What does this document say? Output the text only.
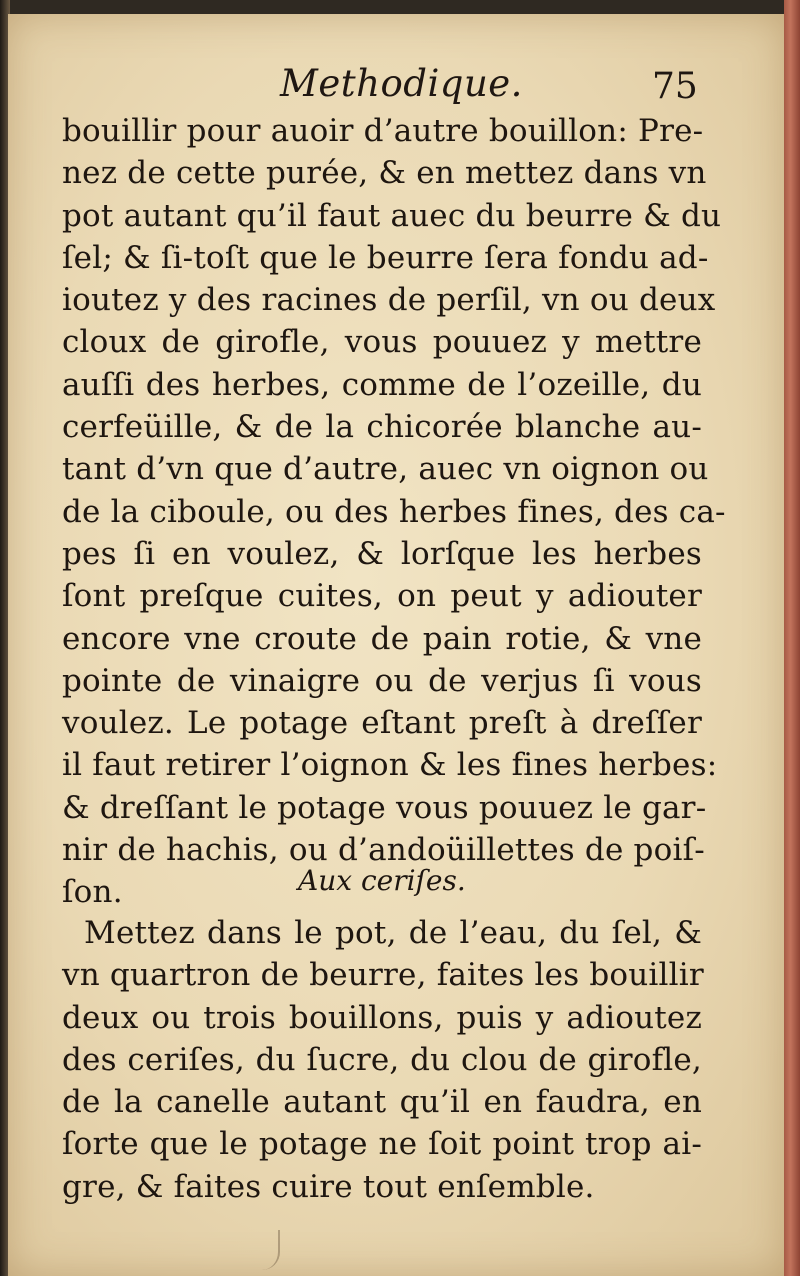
Methodique.	75
bouillir pour auoir d’autre bouillon: Pre-
nez de cette purée, & en mettez dans vn
pot autant qu’il faut auec du beurre & du
ſel; & ſi-toſt que le beurre ſera fondu ad-
ioutez y des racines de perſil, vn ou deux
cloux de girofle, vous pouuez y mettre
auſſi des herbes, comme de l’ozeille, du
cerfeüille, & de la chicorée blanche au-
tant d’vn que d’autre, auec vn oignon ou
de la ciboule, ou des herbes fines, des ca-
pes ſi en voulez, & lorſque les herbes
ſont preſque cuites, on peut y adiouter
encore vne croute de pain rotie, & vne
pointe de vinaigre ou de verjus ſi vous
voulez. Le potage eſtant preſt à dreſſer
il faut retirer l’oignon & les fines herbes:
& dreſſant le potage vous pouuez le gar-
nir de hachis, ou d’andoüillettes de poiſ-
ſon.	Aux ceriſes.
Mettez dans le pot, de l’eau, du ſel, &
vn quartron de beurre, faites les bouillir
deux ou trois bouillons, puis y adioutez
des ceriſes, du ſucre, du clou de girofle,
de la canelle autant qu’il en faudra, en
ſorte que le potage ne ſoit point trop ai-
gre, & faites cuire tout enſemble.
